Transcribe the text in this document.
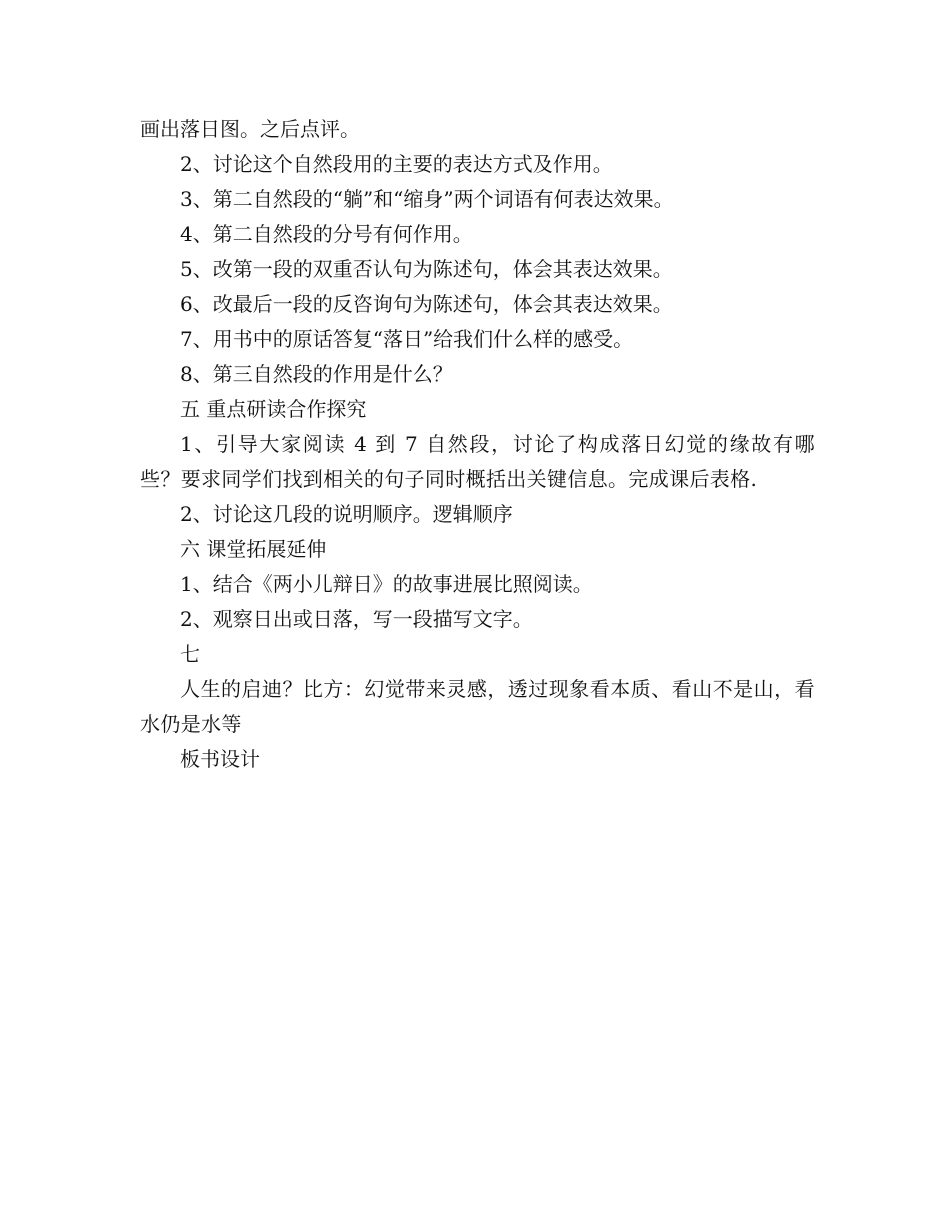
画出落日图。之后点评。

2、讨论这个自然段用的主要的表达方式及作用。

3、第二自然段的“躺”和“缩身”两个词语有何表达效果。

4、第二自然段的分号有何作用。

5、改第一段的双重否认句为陈述句，体会其表达效果。

6、改最后一段的反咨询句为陈述句，体会其表达效果。

7、用书中的原话答复“落日”给我们什么样的感受。

8、第三自然段的作用是什么？

五 重点研读合作探究

1、引导大家阅读 4 到 7 自然段，讨论了构成落日幻觉的缘故有哪些？要求同学们找到相关的句子同时概括出关键信息。完成课后表格.

2、讨论这几段的说明顺序。逻辑顺序

六 课堂拓展延伸

1、结合《两小儿辩日》的故事进展比照阅读。

2、观察日出或日落，写一段描写文字。

七

人生的启迪？比方：幻觉带来灵感，透过现象看本质、看山不是山，看水仍是水等

板书设计
